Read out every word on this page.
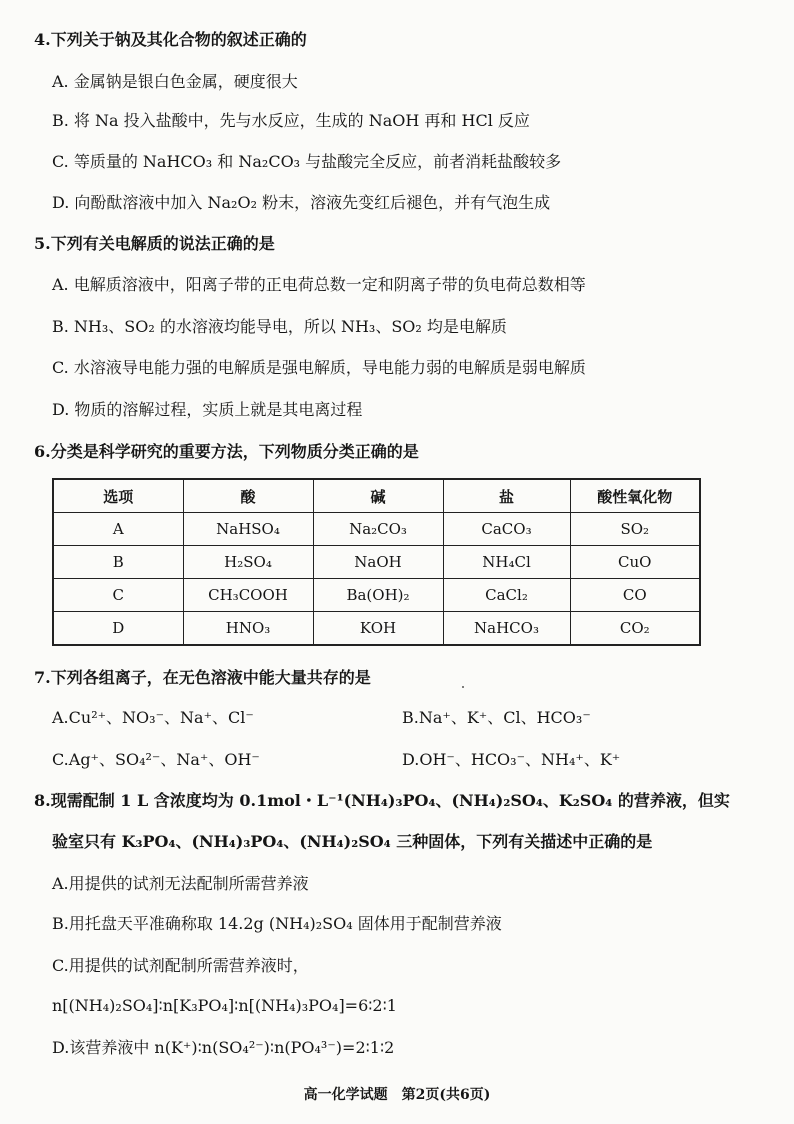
4.下列关于钠及其化合物的叙述正确的
A. 金属钠是银白色金属，硬度很大
B. 将 Na 投入盐酸中，先与水反应，生成的 NaOH 再和 HCl 反应
C. 等质量的 NaHCO₃ 和 Na₂CO₃ 与盐酸完全反应，前者消耗盐酸较多
D. 向酚酞溶液中加入 Na₂O₂ 粉末，溶液先变红后褪色，并有气泡生成
5.下列有关电解质的说法正确的是
A. 电解质溶液中，阳离子带的正电荷总数一定和阴离子带的负电荷总数相等
B. NH₃、SO₂ 的水溶液均能导电，所以 NH₃、SO₂ 均是电解质
C. 水溶液导电能力强的电解质是强电解质，导电能力弱的电解质是弱电解质
D. 物质的溶解过程，实质上就是其电离过程
6.分类是科学研究的重要方法，下列物质分类正确的是
选项	酸	碱	盐	酸性氧化物
A	NaHSO₄	Na₂CO₃	CaCO₃	SO₂
B	H₂SO₄	NaOH	NH₄Cl	CuO
C	CH₃COOH	Ba(OH)₂	CaCl₂	CO
D	HNO₃	KOH	NaHCO₃	CO₂
7.下列各组离子，在无色溶液中能大量共存的是
A.Cu²⁺、NO₃⁻、Na⁺、Cl⁻	B.Na⁺、K⁺、Cl、HCO₃⁻
C.Ag⁺、SO₄²⁻、Na⁺、OH⁻	D.OH⁻、HCO₃⁻、NH₄⁺、K⁺
8.现需配制 1 L 含浓度均为 0.1mol・L⁻¹(NH₄)₃PO₄、(NH₄)₂SO₄、K₂SO₄ 的营养液，但实
验室只有 K₃PO₄、(NH₄)₃PO₄、(NH₄)₂SO₄ 三种固体，下列有关描述中正确的是
A.用提供的试剂无法配制所需营养液
B.用托盘天平准确称取 14.2g (NH₄)₂SO₄ 固体用于配制营养液
C.用提供的试剂配制所需营养液时，
n[(NH₄)₂SO₄]∶n[K₃PO₄]∶n[(NH₄)₃PO₄]=6∶2∶1
D.该营养液中 n(K⁺)∶n(SO₄²⁻)∶n(PO₄³⁻)=2∶1∶2
高一化学试题　第2页(共6页)
